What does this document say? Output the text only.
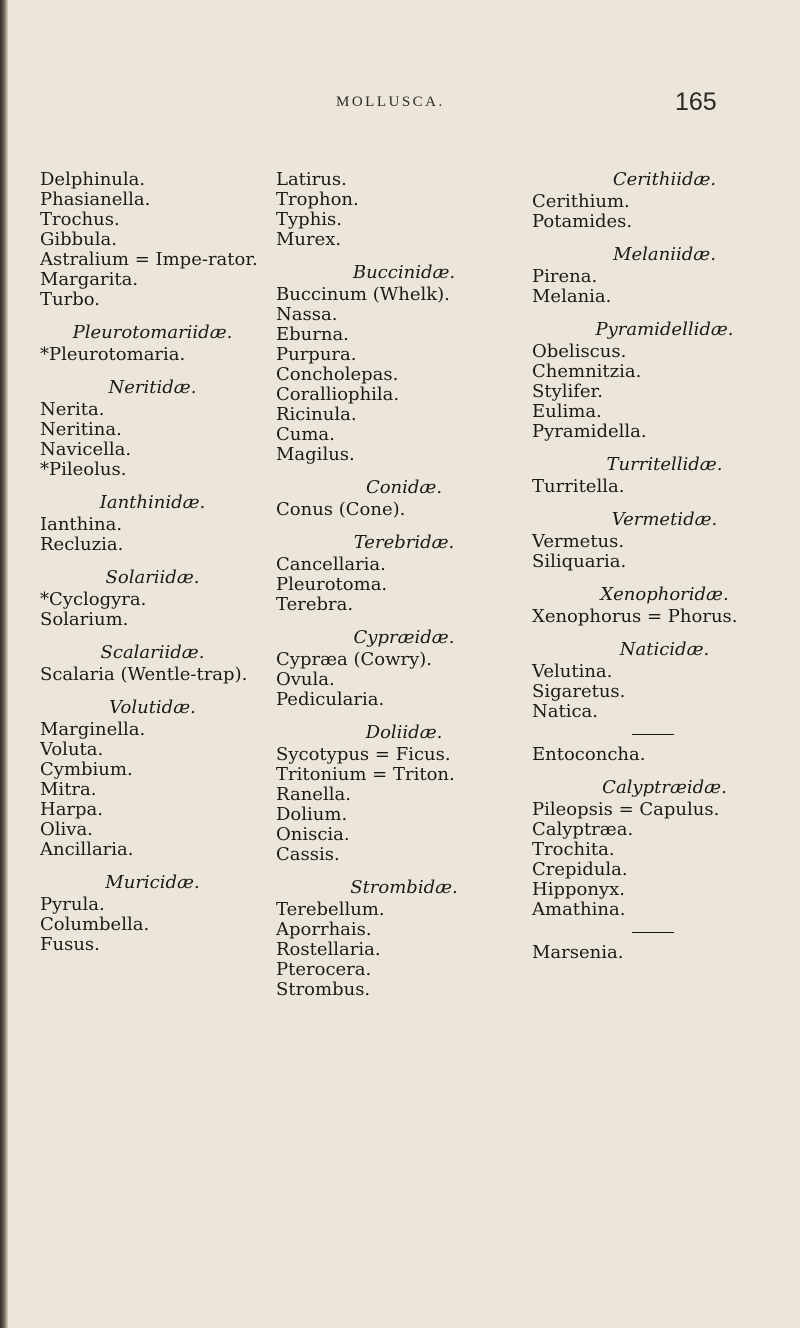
MOLLUSCA.	165
Delphinula.
Phasianella.
Trochus.
Gibbula.
Astralium = Impe-rator.
Margarita.
Turbo.
Pleurotomariidæ.
*Pleurotomaria.
Neritidæ.
Nerita.
Neritina.
Navicella.
*Pileolus.
Ianthinidæ.
Ianthina.
Recluzia.
Solariidæ.
*Cyclogyra.
Solarium.
Scalariidæ.
Scalaria (Wentle-trap).
Volutidæ.
Marginella.
Voluta.
Cymbium.
Mitra.
Harpa.
Oliva.
Ancillaria.
Muricidæ.
Pyrula.
Columbella.
Fusus.
Latirus.
Trophon.
Typhis.
Murex.
Buccinidæ.
Buccinum (Whelk).
Nassa.
Eburna.
Purpura.
Concholepas.
Coralliophila.
Ricinula.
Cuma.
Magilus.
Conidæ.
Conus (Cone).
Terebridæ.
Cancellaria.
Pleurotoma.
Terebra.
Cypræidæ.
Cypræa (Cowry).
Ovula.
Pedicularia.
Doliidæ.
Sycotypus = Ficus.
Tritonium = Triton.
Ranella.
Dolium.
Oniscia.
Cassis.
Strombidæ.
Terebellum.
Aporrhais.
Rostellaria.
Pterocera.
Strombus.
Cerithiidæ.
Cerithium.
Potamides.
Melaniidæ.
Pirena.
Melania.
Pyramidellidæ.
Obeliscus.
Chemnitzia.
Stylifer.
Eulima.
Pyramidella.
Turritellidæ.
Turritella.
Vermetidæ.
Vermetus.
Siliquaria.
Xenophoridæ.
Xenophorus = Phorus.
Naticidæ.
Velutina.
Sigaretus.
Natica.
Entoconcha.
Calyptræidæ.
Pileopsis = Capulus.
Calyptræa.
Trochita.
Crepidula.
Hipponyx.
Amathina.
Marsenia.
